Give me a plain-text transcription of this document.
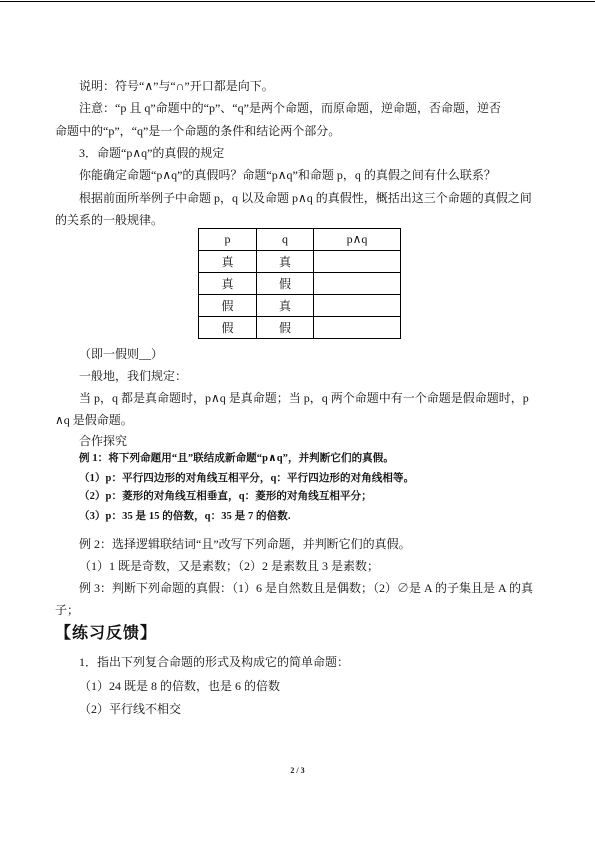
说明：符号“∧”与“∩”开口都是向下。
注意：“p 且 q”命题中的“p”、“q”是两个命题，而原命题，逆命题，否命题，逆否
命题中的“p”，“q”是一个命题的条件和结论两个部分。
3．命题“p∧q”的真假的规定
你能确定命题“p∧q”的真假吗？命题“p∧q”和命题 p，q 的真假之间有什么联系？
根据前面所举例子中命题 p，q 以及命题 p∧q 的真假性，概括出这三个命题的真假之间
的关系的一般规律。
p	q	p∧q
真	真	
真	假	
假	真	
假	假	
（即一假则__）
一般地，我们规定：
当 p，q 都是真命题时，p∧q 是真命题；当 p，q 两个命题中有一个命题是假命题时，p
∧q 是假命题。
合作探究
例 1：将下列命题用“且”联结成新命题“p∧q”，并判断它们的真假。
（1）p：平行四边形的对角线互相平分，q：平行四边形的对角线相等。
（2）p：菱形的对角线互相垂直，q：菱形的对角线互相平分；
（3）p：35 是 15 的倍数，q：35 是 7 的倍数.
例 2：选择逻辑联结词“且”改写下列命题，并判断它们的真假。
（1）1 既是奇数，又是素数；（2）2 是素数且 3 是素数；
例 3：判断下列命题的真假：（1）6 是自然数且是偶数；（2）∅是 A 的子集且是 A 的真
子；
【练习反馈】
1．指出下列复合命题的形式及构成它的简单命题：
（1）24 既是 8 的倍数，也是 6 的倍数
（2）平行线不相交
2 / 3
